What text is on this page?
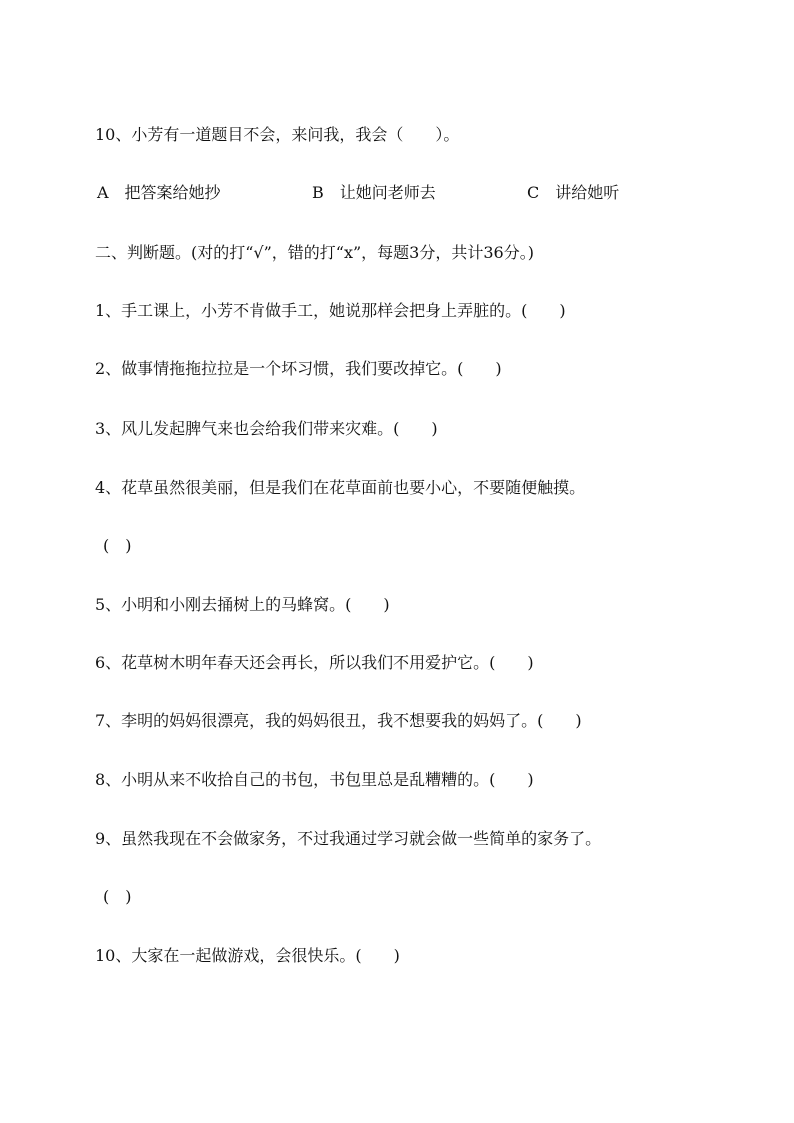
10、小芳有一道题目不会，来问我，我会（　　）。
A　把答案给她抄	B　让她问老师去	C　讲给她听
二、判断题。(对的打“√”，错的打“x”，每题3分，共计36分。)
1、手工课上，小芳不肯做手工，她说那样会把身上弄脏的。(　　)
2、做事情拖拖拉拉是一个坏习惯，我们要改掉它。(　　)
3、风儿发起脾气来也会给我们带来灾难。(　　)
4、花草虽然很美丽，但是我们在花草面前也要小心，不要随便触摸。
(　)
5、小明和小刚去捅树上的马蜂窝。(　　)
6、花草树木明年春天还会再长，所以我们不用爱护它。(　　)
7、李明的妈妈很漂亮，我的妈妈很丑，我不想要我的妈妈了。(　　)
8、小明从来不收拾自己的书包，书包里总是乱糟糟的。(　　)
9、虽然我现在不会做家务，不过我通过学习就会做一些简单的家务了。
(　)
10、大家在一起做游戏，会很快乐。(　　)
